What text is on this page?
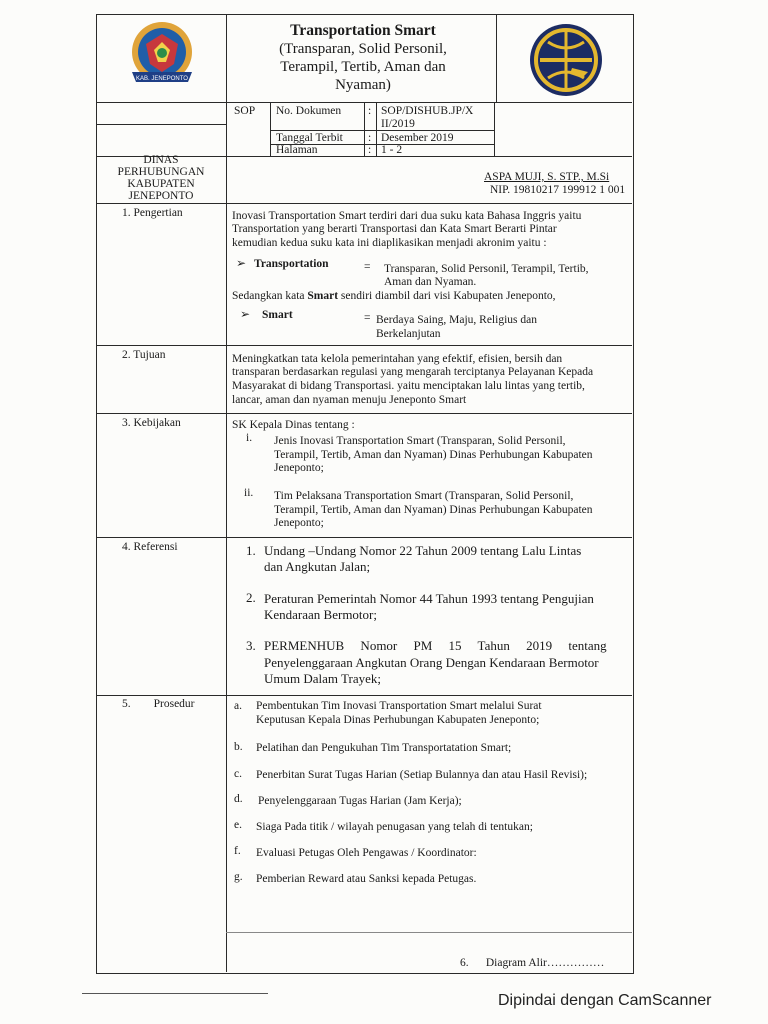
KAB. JENEPONTO
Transportation Smart
(Transparan, Solid Personil,
Terampil, Tertib, Aman dan
Nyaman)
SOP No. Dokumen : SOP/DISHUB.JP/X
II/2019
Tanggal Terbit : Desember 2019
Halaman	: 1 - 2
DINAS
PERHUBUNGAN
KABUPATEN
JENEPONTO
ASPA MUJI, S. STP., M.Si
NIP. 19810217 199912 1 001
1. Pengertian	Inovasi Transportation Smart terdiri dari dua suku kata Bahasa Inggris yaitu
Transportation yang berarti Transportasi dan Kata Smart Berarti Pintar
kemudian kedua suku kata ini diaplikasikan menjadi akronim yaitu :
➢ Transportation	= Transparan, Solid Personil, Terampil, Tertib,
Aman dan Nyaman.
Sedangkan kata Smart sendiri diambil dari visi Kabupaten Jeneponto,
➢ Smart	= Berdaya Saing, Maju, Religius dan
Berkelanjutan
2. Tujuan	Meningkatkan tata kelola pemerintahan yang efektif, efisien, bersih dan
transparan berdasarkan regulasi yang mengarah terciptanya Pelayanan Kepada
Masyarakat di bidang Transportasi. yaitu menciptakan lalu lintas yang tertib,
lancar, aman dan nyaman menuju Jeneponto Smart
3. Kebijakan	SK Kepala Dinas tentang :
i. Jenis Inovasi Transportation Smart (Transparan, Solid Personil,
Terampil, Tertib, Aman dan Nyaman) Dinas Perhubungan Kabupaten
Jeneponto;
ii. Tim Pelaksana Transportation Smart (Transparan, Solid Personil,
Terampil, Tertib, Aman dan Nyaman) Dinas Perhubungan Kabupaten
Jeneponto;
4. Referensi	1. Undang –Undang Nomor 22 Tahun 2009 tentang Lalu Lintas
dan Angkutan Jalan;
2. Peraturan Pemerintah Nomor 44 Tahun 1993 tentang Pengujian
Kendaraan Bermotor;
3. PERMENHUB     Nomor     PM     15     Tahun     2019     tentang
Penyelenggaraan Angkutan Orang Dengan Kendaraan Bermotor
Umum Dalam Trayek;
5.        Prosedur	a. Pembentukan Tim Inovasi Transportation Smart melalui Surat
Keputusan Kepala Dinas Perhubungan Kabupaten Jeneponto;
b. Pelatihan dan Pengukuhan Tim Transportatation Smart;
c. Penerbitan Surat Tugas Harian (Setiap Bulannya dan atau Hasil Revisi);
d. Penyelenggaraan Tugas Harian (Jam Kerja);
e. Siaga Pada titik / wilayah penugasan yang telah di tentukan;
f. Evaluasi Petugas Oleh Pengawas / Koordinator:
g. Pemberian Reward atau Sanksi kepada Petugas.
6.      Diagram Alir……………
Dipindai dengan CamScanner
